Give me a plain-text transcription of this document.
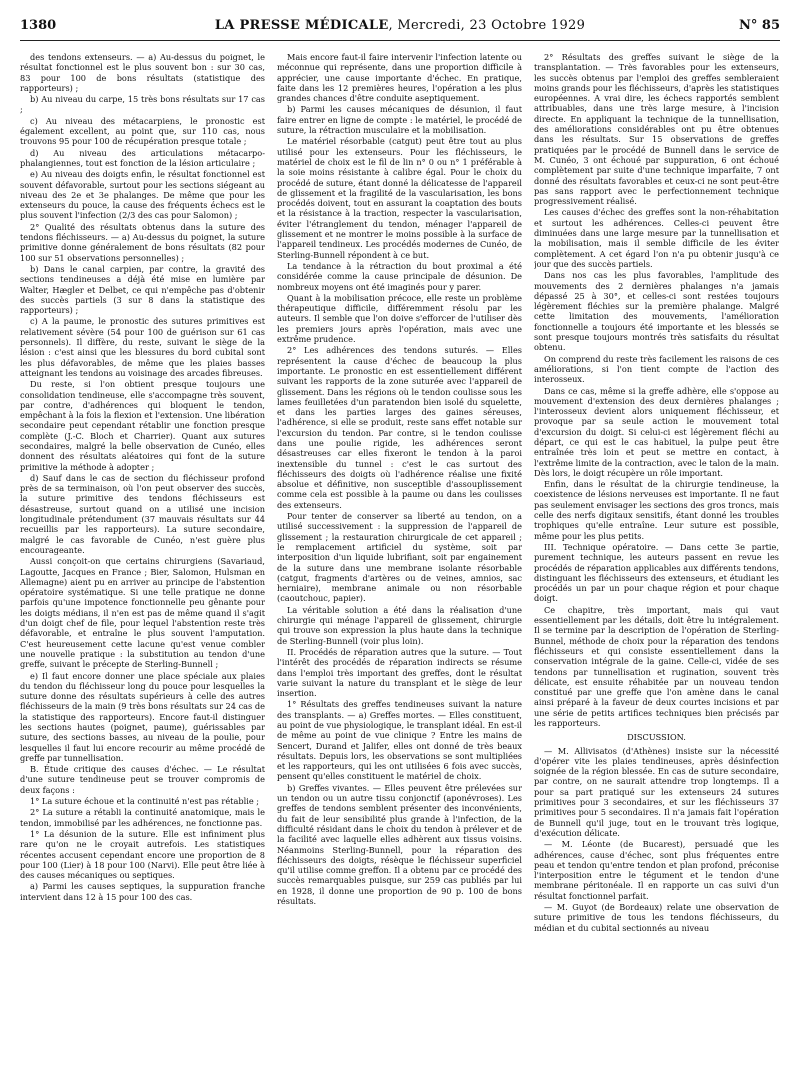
1380	LA PRESSE MÉDICALE, Mercredi, 23 Octobre 1929	N° 85

des tendons extenseurs. — a) Au-dessus du poignet, le résultat fonctionnel est le plus souvent bon : sur 30 cas, 83 pour 100 de bons résultats (statistique des rapporteurs) ;

b) Au niveau du carpe, 15 très bons résultats sur 17 cas ;

c) Au niveau des métacarpiens, le pronostic est également excellent, au point que, sur 110 cas, nous trouvons 95 pour 100 de récupération presque totale ;

d) Au niveau des articulations métacarpo-phalangiennes, tout est fonction de la lésion articulaire ;

e) Au niveau des doigts enfin, le résultat fonctionnel est souvent défavorable, surtout pour les sections siégeant au niveau des 2e et 3e phalanges. De même que pour les extenseurs du pouce, la cause des fréquents échecs est le plus souvent l'infection (2/3 des cas pour Salomon) ;

2° Qualité des résultats obtenus dans la suture des tendons fléchisseurs. — a) Au-dessus du poignet, la suture primitive donne généralement de bons résultats (82 pour 100 sur 51 observations personnelles) ;

b) Dans le canal carpien, par contre, la gravité des sections tendineuses a déjà été mise en lumière par Walter, Hægler et Delbet, ce qui n'empêche pas d'obtenir des succès partiels (3 sur 8 dans la statistique des rapporteurs) ;

c) A la paume, le pronostic des sutures primitives est relativement sévère (54 pour 100 de guérison sur 61 cas personnels). Il diffère, du reste, suivant le siège de la lésion : c'est ainsi que les blessures du bord cubital sont les plus défavorables, de même que les plaies basses atteignant les tendons au voisinage des arcades fibreuses.

Du reste, si l'on obtient presque toujours une consolidation tendineuse, elle s'accompagne très souvent, par contre, d'adhérences qui bloquent le tendon, empêchant à la fois la flexion et l'extension. Une libération secondaire peut cependant rétablir une fonction presque complète (J.-C. Bloch et Charrier). Quant aux sutures secondaires, malgré la belle observation de Cunéo, elles donnent des résultats aléatoires qui font de la suture primitive la méthode à adopter ;

d) Sauf dans le cas de section du fléchisseur profond près de sa terminaison, où l'on peut observer des succès, la suture primitive des tendons fléchisseurs est désastreuse, surtout quand on a utilisé une incision longitudinale prétendument (37 mauvais résultats sur 44 recueillis par les rapporteurs). La suture secondaire, malgré le cas favorable de Cunéo, n'est guère plus encourageante.

Aussi conçoit-on que certains chirurgiens (Savariaud, Lagoutte, Jacques en France ; Bier, Salomon, Hulsman en Allemagne) aient pu en arriver au principe de l'abstention opératoire systématique. Si une telle pratique ne donne parfois qu'une impotence fonctionnelle peu gênante pour les doigts médians, il n'en est pas de même quand il s'agit d'un doigt chef de file, pour lequel l'abstention reste très défavorable, et entraîne le plus souvent l'amputation. C'est heureusement cette lacune qu'est venue combler une nouvelle pratique : la substitution au tendon d'une greffe, suivant le précepte de Sterling-Bunnell ;

e) Il faut encore donner une place spéciale aux plaies du tendon du fléchisseur long du pouce pour lesquelles la suture donne des résultats supérieurs à celle des autres fléchisseurs de la main (9 très bons résultats sur 24 cas de la statistique des rapporteurs). Encore faut-il distinguer les sections hautes (poignet, paume), guérissables par suture, des sections basses, au niveau de la poulie, pour lesquelles il faut lui encore recourir au même procédé de greffe par tunnellisation.

B. Étude critique des causes d'échec. — Le résultat d'une suture tendineuse peut se trouver compromis de deux façons :

1° La suture échoue et la continuité n'est pas rétablie ;

2° La suture a rétabli la continuité anatomique, mais le tendon, immobilisé par les adhérences, ne fonctionne pas.

1° La désunion de la suture. Elle est infiniment plus rare qu'on ne le croyait autrefois. Les statistiques récentes accusent cependant encore une proportion de 8 pour 100 (Lier) à 18 pour 100 (Narvi). Elle peut être liée à des causes mécaniques ou septiques.

a) Parmi les causes septiques, la suppuration franche intervient dans 12 à 15 pour 100 des cas.

Mais encore faut-il faire intervenir l'infection latente ou méconnue qui représente, dans une proportion difficile à apprécier, une cause importante d'échec. En pratique, faite dans les 12 premières heures, l'opération a les plus grandes chances d'être conduite aseptiquement.

b) Parmi les causes mécaniques de désunion, il faut faire entrer en ligne de compte : le matériel, le procédé de suture, la rétraction musculaire et la mobilisation.

Le matériel résorbable (catgut) peut être tout au plus utilisé pour les extenseurs. Pour les fléchisseurs, le matériel de choix est le fil de lin n° 0 ou n° 1 préférable à la soie moins résistante à calibre égal. Pour le choix du procédé de suture, étant donné la délicatesse de l'appareil de glissement et la fragilité de la vascularisation, les bons procédés doivent, tout en assurant la coaptation des bouts et la résistance à la traction, respecter la vascularisation, éviter l'étranglement du tendon, ménager l'appareil de glissement et ne montrer le moins possible à la surface de l'appareil tendineux. Les procédés modernes de Cunéo, de Sterling-Bunnell répondent à ce but.

La tendance à la rétraction du bout proximal a été considérée comme la cause principale de désunion. De nombreux moyens ont été imaginés pour y parer.

Quant à la mobilisation précoce, elle reste un problème thérapeutique difficile, différemment résolu par les auteurs. Il semble que l'on doive s'efforcer de l'utiliser dès les premiers jours après l'opération, mais avec une extrême prudence.

2° Les adhérences des tendons suturés. — Elles représentent la cause d'échec de beaucoup la plus importante. Le pronostic en est essentiellement différent suivant les rapports de la zone suturée avec l'appareil de glissement. Dans les régions où le tendon coulisse sous les lames feuilletées d'un paratendon bien isolé du squelette, et dans les parties larges des gaines séreuses, l'adhérence, si elle se produit, reste sans effet notable sur l'excursion du tendon. Par contre, si le tendon coulisse dans une poulie rigide, les adhérences seront désastreuses car elles fixeront le tendon à la paroi inextensible du tunnel : c'est le cas surtout des fléchisseurs des doigts où l'adhérence réalise une fixité absolue et définitive, non susceptible d'assouplissement comme cela est possible à la paume ou dans les coulisses des extenseurs.

Pour tenter de conserver sa liberté au tendon, on a utilisé successivement : la suppression de l'appareil de glissement ; la restauration chirurgicale de cet appareil ; le remplacement artificiel du système, soit par interposition d'un liquide lubrifiant, soit par engainement de la suture dans une membrane isolante résorbable (catgut, fragments d'artères ou de veines, amnios, sac herniaire), membrane animale ou non résorbable (caoutchouc, papier).

La véritable solution a été dans la réalisation d'une chirurgie qui ménage l'appareil de glissement, chirurgie qui trouve son expression la plus haute dans la technique de Sterling-Bunnell (voir plus loin).

II. Procédés de réparation autres que la suture. — Tout l'intérêt des procédés de réparation indirects se résume dans l'emploi très important des greffes, dont le résultat varie suivant la nature du transplant et le siège de leur insertion.

1° Résultats des greffes tendineuses suivant la nature des transplants. — a) Greffes mortes. — Elles constituent, au point de vue physiologique, le transplant idéal. En est-il de même au point de vue clinique ? Entre les mains de Sencert, Durand et Jalifer, elles ont donné de très beaux résultats. Depuis lors, les observations se sont multipliées et les rapporteurs, qui les ont utilisées 6 fois avec succès, pensent qu'elles constituent le matériel de choix.

b) Greffes vivantes. — Elles peuvent être prélevées sur un tendon ou un autre tissu conjonctif (aponévroses). Les greffes de tendons semblent présenter des inconvénients, du fait de leur sensibilité plus grande à l'infection, de la difficulté résidant dans le choix du tendon à prélever et de la facilité avec laquelle elles adhèrent aux tissus voisins. Néanmoins Sterling-Bunnell, pour la réparation des fléchisseurs des doigts, résèque le fléchisseur superficiel qu'il utilise comme greffon. Il a obtenu par ce procédé des succès remarquables puisque, sur 259 cas publiés par lui en 1928, il donne une proportion de 90 p. 100 de bons résultats.

2° Résultats des greffes suivant le siège de la transplantation. — Très favorables pour les extenseurs, les succès obtenus par l'emploi des greffes sembleraient moins grands pour les fléchisseurs, d'après les statistiques européennes. A vrai dire, les échecs rapportés semblent attribuables, dans une très large mesure, à l'incision directe. En appliquant la technique de la tunnellisation, des améliorations considérables ont pu être obtenues dans les résultats. Sur 15 observations de greffes pratiquées par le procédé de Bunnell dans le service de M. Cunéo, 3 ont échoué par suppuration, 6 ont échoué complètement par suite d'une technique imparfaite, 7 ont donné des résultats favorables et ceux-ci ne sont peut-être pas sans rapport avec le perfectionnement technique progressivement réalisé.

Les causes d'échec des greffes sont la non-réhabitation et surtout les adhérences. Celles-ci peuvent être diminuées dans une large mesure par la tunnellisation et la mobilisation, mais il semble difficile de les éviter complètement. A cet égard l'on n'a pu obtenir jusqu'à ce jour que des succès partiels.

Dans nos cas les plus favorables, l'amplitude des mouvements des 2 dernières phalanges n'a jamais dépassé 25 à 30°, et celles-ci sont restées toujours légèrement fléchies sur la première phalange. Malgré cette limitation des mouvements, l'amélioration fonctionnelle a toujours été importante et les blessés se sont presque toujours montrés très satisfaits du résultat obtenu.

On comprend du reste très facilement les raisons de ces améliorations, si l'on tient compte de l'action des interosseux.

Dans ce cas, même si la greffe adhère, elle s'oppose au mouvement d'extension des deux dernières phalanges ; l'interosseux devient alors uniquement fléchisseur, et provoque par sa seule action le mouvement total d'excursion du doigt. Si celui-ci est légèrement fléchi au départ, ce qui est le cas habituel, la pulpe peut être entraînée très loin et peut se mettre en contact, à l'extrême limite de la contraction, avec le talon de la main. Dès lors, le doigt récupère un rôle important.

Enfin, dans le résultat de la chirurgie tendineuse, la coexistence de lésions nerveuses est importante. Il ne faut pas seulement envisager les sections des gros troncs, mais celle des nerfs digitaux sensitifs, étant donné les troubles trophiques qu'elle entraîne. Leur suture est possible, même pour les plus petits.

III. Technique opératoire. — Dans cette 3e partie, purement technique, les auteurs passent en revue les procédés de réparation applicables aux différents tendons, distinguant les fléchisseurs des extenseurs, et étudiant les procédés un par un pour chaque région et pour chaque doigt.

Ce chapitre, très important, mais qui vaut essentiellement par les détails, doit être lu intégralement. Il se termine par la description de l'opération de Sterling-Bunnel, méthode de choix pour la réparation des tendons fléchisseurs et qui consiste essentiellement dans la conservation intégrale de la gaine. Celle-ci, vidée de ses tendons par tunnellisation et rugination, souvent très délicate, est ensuite réhabitée par un nouveau tendon constitué par une greffe que l'on amène dans le canal ainsi préparé à la faveur de deux courtes incisions et par une série de petits artifices techniques bien précisés par les rapporteurs.

DISCUSSION.

— M. Allivisatos (d'Athènes) insiste sur la nécessité d'opérer vite les plaies tendineuses, après désinfection soignée de la région blessée. En cas de suture secondaire, par contre, on ne saurait attendre trop longtemps. Il a pour sa part pratiqué sur les extenseurs 24 sutures primitives pour 3 secondaires, et sur les fléchisseurs 37 primitives pour 5 secondaires. Il n'a jamais fait l'opération de Bunnell qu'il juge, tout en le trouvant très logique, d'exécution délicate.

— M. Léonte (de Bucarest), persuadé que les adhérences, cause d'échec, sont plus fréquentes entre peau et tendon qu'entre tendon et plan profond, préconise l'interposition entre le tégument et le tendon d'une membrane péritonéale. Il en rapporte un cas suivi d'un résultat fonctionnel parfait.

— M. Guyot (de Bordeaux) relate une observation de suture primitive de tous les tendons fléchisseurs, du médian et du cubital sectionnés au niveau
